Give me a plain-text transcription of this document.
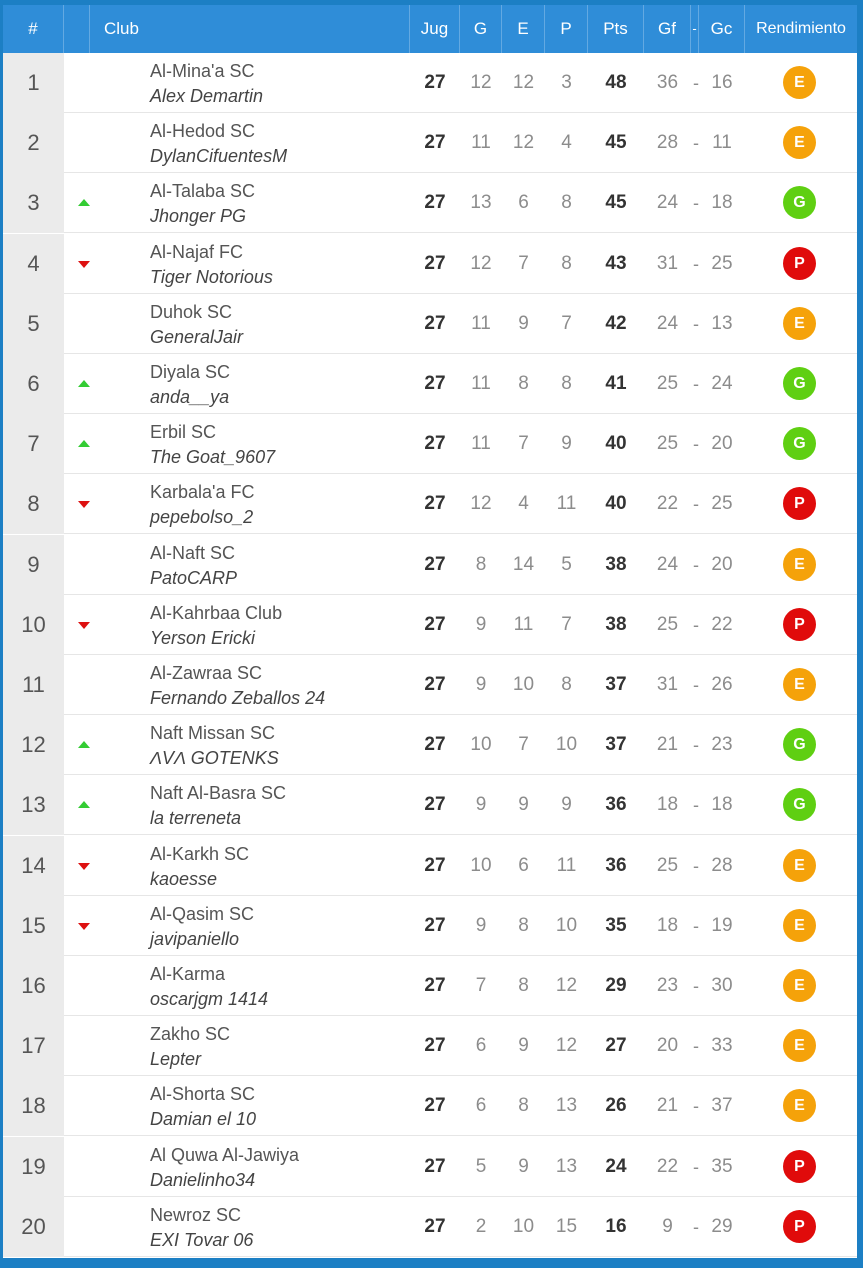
#	Club	Jug	G	E	P	Pts	Gf	- Gc	Rendimiento
1	Al-Mina'a SC
Alex Demartin
27	12	12	3	48	36 - 16	E
2	Al-Hedod SC
DylanCifuentesM
27	11	12	4	45	28 - 11	E
3	Al-Talaba SC
Jhonger PG
27	13	6	8	45	24 - 18	G
4	Al-Najaf FC
Tiger Notorious
27	12	7	8	43	31 - 25	P
5	Duhok SC
GeneralJair
27	11	9	7	42	24 - 13	E
6	Diyala SC
anda__ya
27	11	8	8	41	25 - 24	G
7	Erbil SC
The Goat_9607
27	11	7	9	40	25 - 20	G
8	Karbala'a FC
pepebolso_2
27	12	4	11	40	22 - 25	P
9	Al-Naft SC
PatoCARP
27	8	14	5	38	24 - 20	E
10	Al-Kahrbaa Club
Yerson Ericki
27	9	11	7	38	25 - 22	P
11	Al-Zawraa SC
Fernando Zeballos 24
27	9	10	8	37	31 - 26	E
12	Naft Missan SC
ΛVΛ GOTENKS
27	10	7	10	37	21 - 23	G
13	Naft Al-Basra SC
la terreneta
27	9	9	9	36	18 - 18	G
14	Al-Karkh SC
kaoesse
27	10	6	11	36	25 - 28	E
15	Al-Qasim SC
javipaniello
27	9	8	10	35	18 - 19	E
16	Al-Karma
oscarjgm 1414
27	7	8	12	29	23 - 30	E
17	Zakho SC
Lepter
27	6	9	12	27	20 - 33	E
18	Al-Shorta SC
Damian el 10
27	6	8	13	26	21 - 37	E
19	Al Quwa Al-Jawiya
Danielinho34
27	5	9	13	24	22 - 35	P
20	Newroz SC
EXI Tovar 06
27	2	10	15	16	9	- 29	P
